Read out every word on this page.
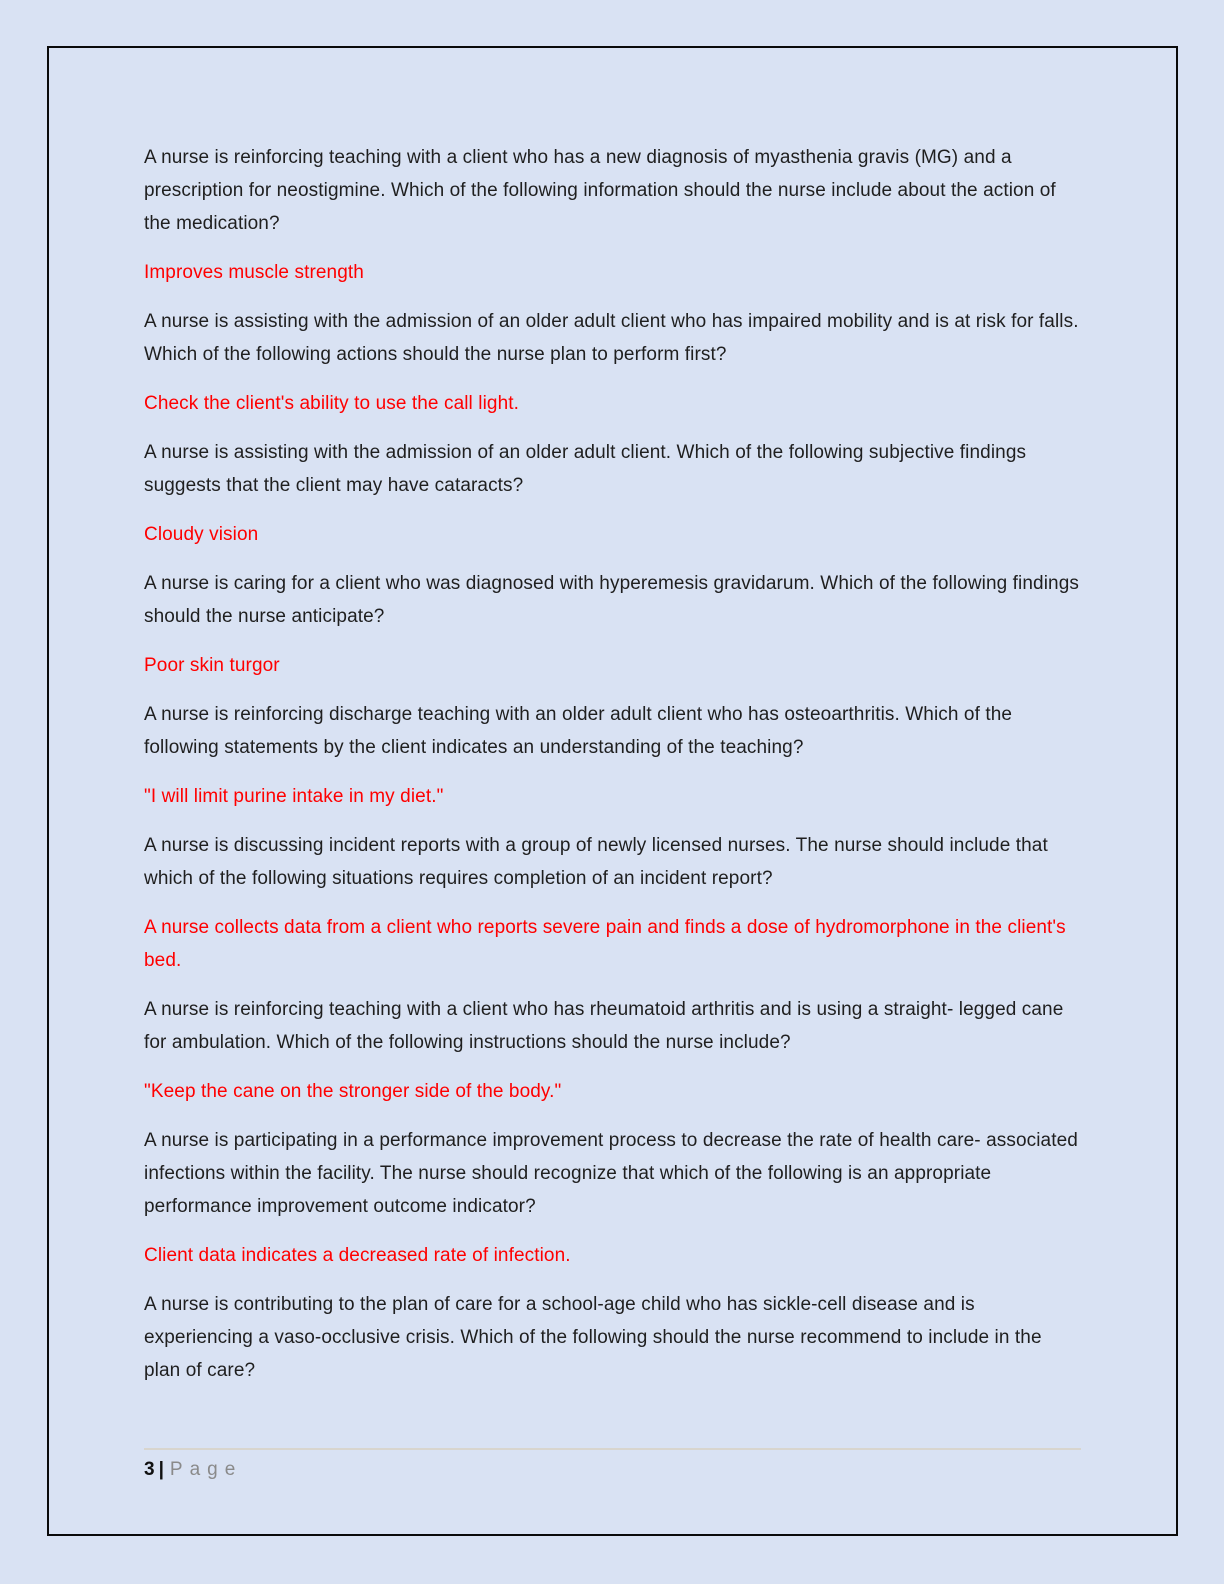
A nurse is reinforcing teaching with a client who has a new diagnosis of myasthenia gravis (MG) and a prescription for neostigmine. Which of the following information should the nurse include about the action of the medication?

Improves muscle strength

A nurse is assisting with the admission of an older adult client who has impaired mobility and is at risk for falls. Which of the following actions should the nurse plan to perform first?

Check the client's ability to use the call light.

A nurse is assisting with the admission of an older adult client. Which of the following subjective findings suggests that the client may have cataracts?

Cloudy vision

A nurse is caring for a client who was diagnosed with hyperemesis gravidarum. Which of the following findings should the nurse anticipate?

Poor skin turgor

A nurse is reinforcing discharge teaching with an older adult client who has osteoarthritis. Which of the following statements by the client indicates an understanding of the teaching?

"I will limit purine intake in my diet."

A nurse is discussing incident reports with a group of newly licensed nurses. The nurse should include that which of the following situations requires completion of an incident report?

A nurse collects data from a client who reports severe pain and finds a dose of hydromorphone in the client's bed.

A nurse is reinforcing teaching with a client who has rheumatoid arthritis and is using a straight- legged cane for ambulation. Which of the following instructions should the nurse include?

"Keep the cane on the stronger side of the body."

A nurse is participating in a performance improvement process to decrease the rate of health care- associated infections within the facility. The nurse should recognize that which of the following is an appropriate performance improvement outcome indicator?

Client data indicates a decreased rate of infection.

A nurse is contributing to the plan of care for a school-age child who has sickle-cell disease and is experiencing a vaso-occlusive crisis. Which of the following should the nurse recommend to include in the plan of care?

3 | Page
